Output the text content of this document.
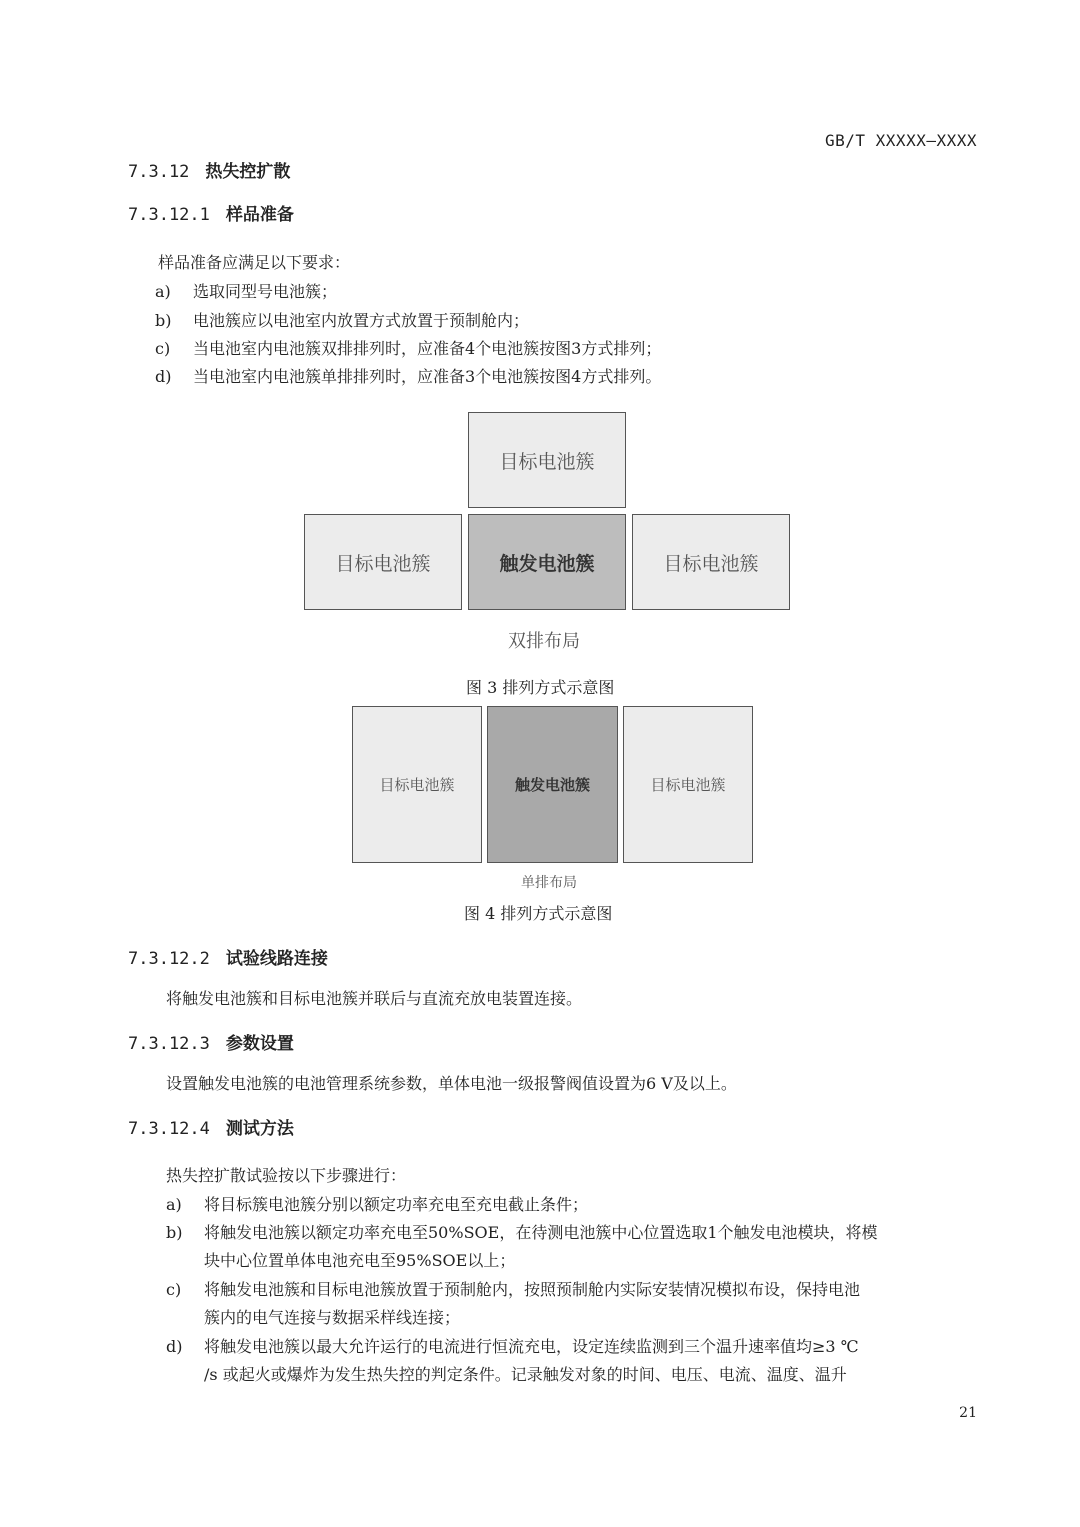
GB/T XXXXX—XXXX
7.3.12 热失控扩散
7.3.12.1 样品准备
样品准备应满足以下要求：
a) 选取同型号电池簇；
b) 电池簇应以电池室内放置方式放置于预制舱内；
c) 当电池室内电池簇双排排列时，应准备4个电池簇按图3方式排列；
d) 当电池室内电池簇单排排列时，应准备3个电池簇按图4方式排列。
目标电池簇
目标电池簇	触发电池簇	目标电池簇
双排布局
图 3 排列方式示意图
目标电池簇	触发电池簇	目标电池簇
单排布局
图 4 排列方式示意图
7.3.12.2 试验线路连接
将触发电池簇和目标电池簇并联后与直流充放电装置连接。
7.3.12.3 参数设置
设置触发电池簇的电池管理系统参数，单体电池一级报警阀值设置为6 V及以上。
7.3.12.4 测试方法
热失控扩散试验按以下步骤进行：
a) 将目标簇电池簇分别以额定功率充电至充电截止条件；
b) 将触发电池簇以额定功率充电至50%SOE，在待测电池簇中心位置选取1个触发电池模块，将模
块中心位置单体电池充电至95%SOE以上；
c) 将触发电池簇和目标电池簇放置于预制舱内，按照预制舱内实际安装情况模拟布设，保持电池
簇内的电气连接与数据采样线连接；
d) 将触发电池簇以最大允许运行的电流进行恒流充电，设定连续监测到三个温升速率值均≥3 ℃
/s 或起火或爆炸为发生热失控的判定条件。记录触发对象的时间、电压、电流、温度、温升
21
